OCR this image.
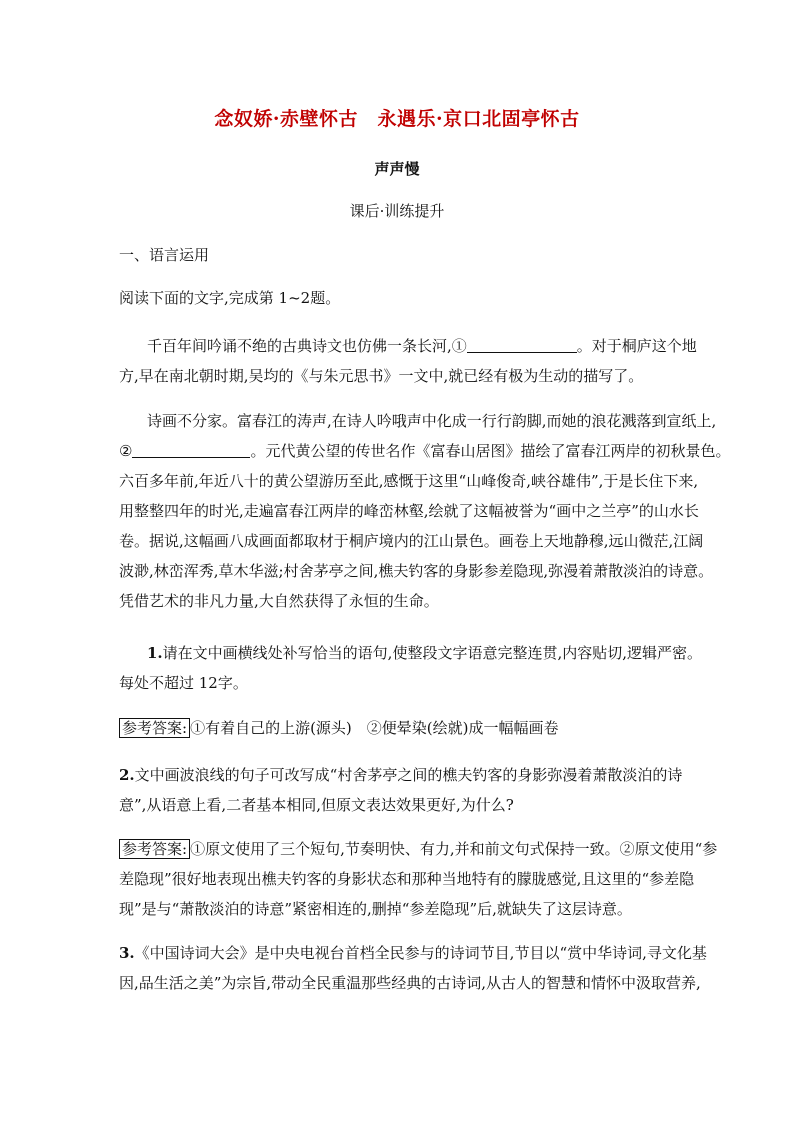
念奴娇·赤壁怀古　永遇乐·京口北固亭怀古
声声慢
课后·训练提升
一、语言运用
阅读下面的文字,完成第 1~2题。
千百年间吟诵不绝的古典诗文也仿佛一条长河,①	。对于桐庐这个地
方,早在南北朝时期,吴均的《与朱元思书》一文中,就已经有极为生动的描写了。
诗画不分家。富春江的涛声,在诗人吟哦声中化成一行行韵脚,而她的浪花溅落到宣纸上,
②	。元代黄公望的传世名作《富春山居图》描绘了富春江两岸的初秋景色。
六百多年前,年近八十的黄公望游历至此,感慨于这里“山峰俊奇,峡谷雄伟”,于是长住下来,
用整整四年的时光,走遍富春江两岸的峰峦林壑,绘就了这幅被誉为“画中之兰亭”的山水长
卷。据说,这幅画八成画面都取材于桐庐境内的江山景色。画卷上天地静穆,远山微茫,江阔
波渺,林峦浑秀,草木华滋;村舍茅亭之间,樵夫钓客的身影参差隐现,弥漫着萧散淡泊的诗意。
凭借艺术的非凡力量,大自然获得了永恒的生命。
1.请在文中画横线处补写恰当的语句,使整段文字语意完整连贯,内容贴切,逻辑严密。
每处不超过 12字。
参考答案: ①有着自己的上游(源头)　②便晕染(绘就)成一幅幅画卷
2.文中画波浪线的句子可改写成“村舍茅亭之间的樵夫钓客的身影弥漫着萧散淡泊的诗
意”,从语意上看,二者基本相同,但原文表达效果更好,为什么?
参考答案: ①原文使用了三个短句,节奏明快、有力,并和前文句式保持一致。②原文使用“参
差隐现”很好地表现出樵夫钓客的身影状态和那种当地特有的朦胧感觉,且这里的“参差隐
现”是与“萧散淡泊的诗意”紧密相连的,删掉“参差隐现”后,就缺失了这层诗意。
3.《中国诗词大会》是中央电视台首档全民参与的诗词节目,节目以“赏中华诗词,寻文化基
因,品生活之美”为宗旨,带动全民重温那些经典的古诗词,从古人的智慧和情怀中汲取营养,
